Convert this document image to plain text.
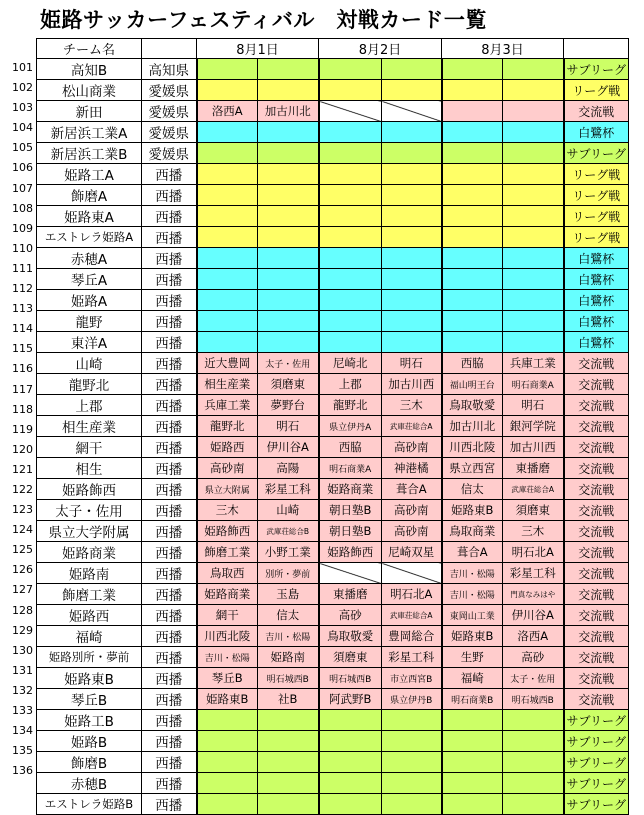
姫路サッカーフェスティバル　対戦カード一覧
101
102
103
104
105
106
107
108
109
110
111
112
113
114
115
116
117
118
119
120
121
122
123
124
125
126
127
128
129
130
131
132
133
134
135
136
チーム名		8月1日		8月2日		8月3日		
高知B	高知県							サブリーグ
松山商業	愛媛県							リーグ戦
新田	愛媛県	洛西A	加古川北					交流戦
新居浜工業A	愛媛県							白鷺杯
新居浜工業B	愛媛県							サブリーグ
姫路工A	西播							リーグ戦
飾磨A	西播							リーグ戦
姫路東A	西播							リーグ戦
エストレラ姫路A	西播							リーグ戦
赤穂A	西播							白鷺杯
琴丘A	西播							白鷺杯
姫路A	西播							白鷺杯
龍野	西播							白鷺杯
東洋A	西播							白鷺杯
山崎	西播	近大豊岡	太子・佐用	尼崎北	明石	西脇	兵庫工業	交流戦
龍野北	西播	相生産業	須磨東	上郡	加古川西	福山明王台	明石商業A	交流戦
上郡	西播	兵庫工業	夢野台	龍野北	三木	鳥取敬愛	明石	交流戦
相生産業	西播	龍野北	明石	県立伊丹A	武庫荘総合A	加古川北	銀河学院	交流戦
網干	西播	姫路西	伊川谷A	西脇	高砂南	川西北陵	加古川西	交流戦
相生	西播	高砂南	高陽	明石商業A	神港橘	県立西宮	東播磨	交流戦
姫路飾西	西播	県立大附属	彩星工科	姫路商業	葺合A	信太	武庫荘総合A	交流戦
太子・佐用	西播	三木	山崎	朝日塾B	高砂南	姫路東B	須磨東	交流戦
県立大学附属	西播	姫路飾西	武庫荘総合B	朝日塾B	高砂南	鳥取商業	三木	交流戦
姫路商業	西播	飾磨工業	小野工業	姫路飾西	尼崎双星	葺合A	明石北A	交流戦
姫路南	西播	鳥取西	別所・夢前			吉川・松陽	彩星工科	交流戦
飾磨工業	西播	姫路商業	玉島	東播磨	明石北A	吉川・松陽	門真なみはや	交流戦
姫路西	西播	網干	信太	高砂	武庫荘総合A	東岡山工業	伊川谷A	交流戦
福崎	西播	川西北陵	吉川・松陽	鳥取敬愛	豊岡総合	姫路東B	洛西A	交流戦
姫路別所・夢前	西播	吉川・松陽	姫路南	須磨東	彩星工科	生野	高砂	交流戦
姫路東B	西播	琴丘B	明石城西B	明石城西B	市立西宮B	福崎	太子・佐用	交流戦
琴丘B	西播	姫路東B	社B	阿武野B	県立伊丹B	明石商業B	明石城西B	交流戦
姫路工B	西播							サブリーグ
姫路B	西播							サブリーグ
飾磨B	西播							サブリーグ
赤穂B	西播							サブリーグ
エストレラ姫路B	西播							サブリーグ
